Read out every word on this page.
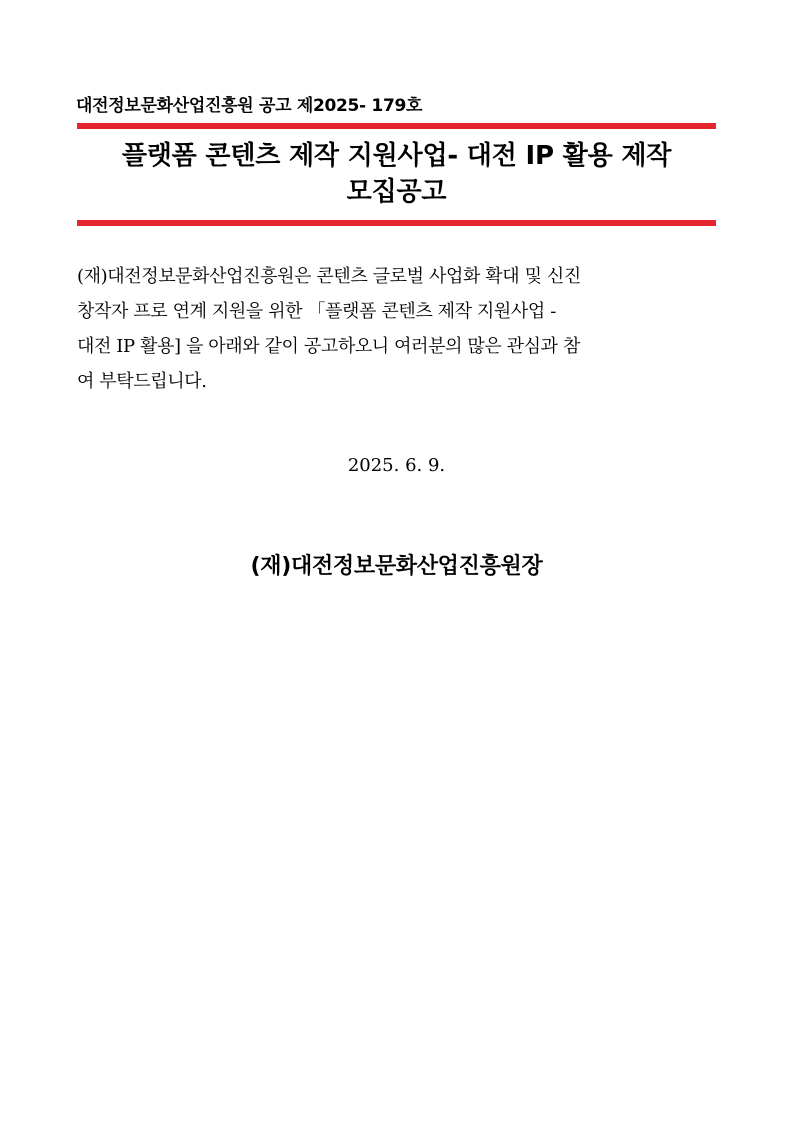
대전정보문화산업진흥원 공고 제2025- 179호
플랫폼 콘텐츠 제작 지원사업- 대전 IP 활용 제작
모집공고
(재)대전정보문화산업진흥원은 콘텐츠 글로벌 사업화 확대 및 신진
창작자 프로 연계 지원을 위한 「플랫폼 콘텐츠 제작 지원사업 -
대전 IP 활용] 을 아래와 같이 공고하오니 여러분의 많은 관심과 참
여 부탁드립니다.
2025. 6. 9.
(재)대전정보문화산업진흥원장
